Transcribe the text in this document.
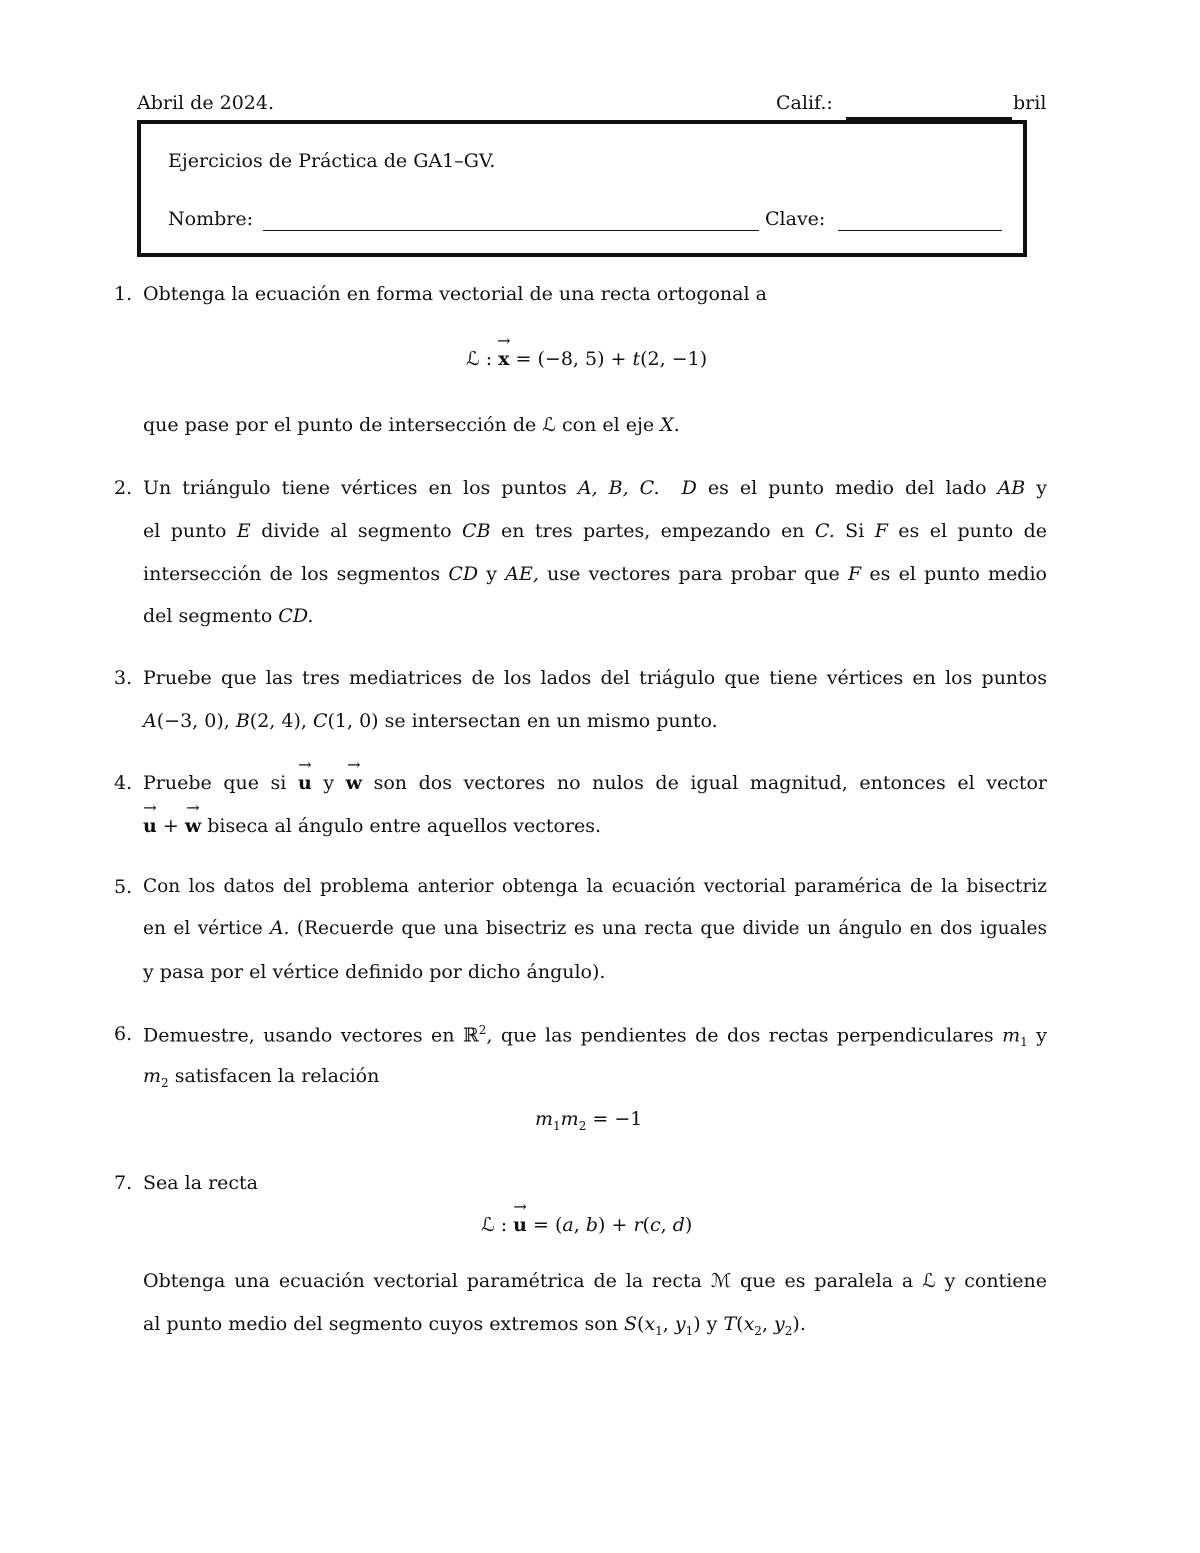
Abril de 2024.	Calif.:	bril
Ejercicios de Práctica de GA1–GV.
Nombre:	Clave:
1. Obtenga la ecuación en forma vectorial de una recta ortogonal a
ℒ : → x = (−8, 5) + t(2, −1)
que pase por el punto de intersección de ℒ con el eje X.
2. Un triángulo tiene vértices en los puntos A, B, C. D es el punto medio del lado AB y
el punto E divide al segmento CB en tres partes, empezando en C. Si F es el punto de
intersección de los segmentos CD y AE, use vectores para probar que F es el punto medio
del segmento CD.
3. Pruebe que las tres mediatrices de los lados del triágulo que tiene vértices en los puntos
A(−3, 0), B(2, 4), C(1, 0) se intersectan en un mismo punto.
4. Pruebe que si → u y → w son dos vectores no nulos de igual magnitud, entonces el vector
→ u + → w biseca al ángulo entre aquellos vectores.
5. Con los datos del problema anterior obtenga la ecuación vectorial paramérica de la bisectriz
en el vértice A. (Recuerde que una bisectriz es una recta que divide un ángulo en dos iguales
y pasa por el vértice definido por dicho ángulo).
6. Demuestre, usando vectores en ℝ$^2$, que las pendientes de dos rectas perpendiculares $m_1$ y
$m_2$ satisfacen la relación
$m_1m_2 = -1$
7. Sea la recta
ℒ : → u = (a, b) + r(c, d)
Obtenga una ecuación vectorial paramétrica de la recta ℳ que es paralela a ℒ y contiene
al punto medio del segmento cuyos extremos son $S(x_1$, $y_1$) y $T(x_2$, $y_2$).
